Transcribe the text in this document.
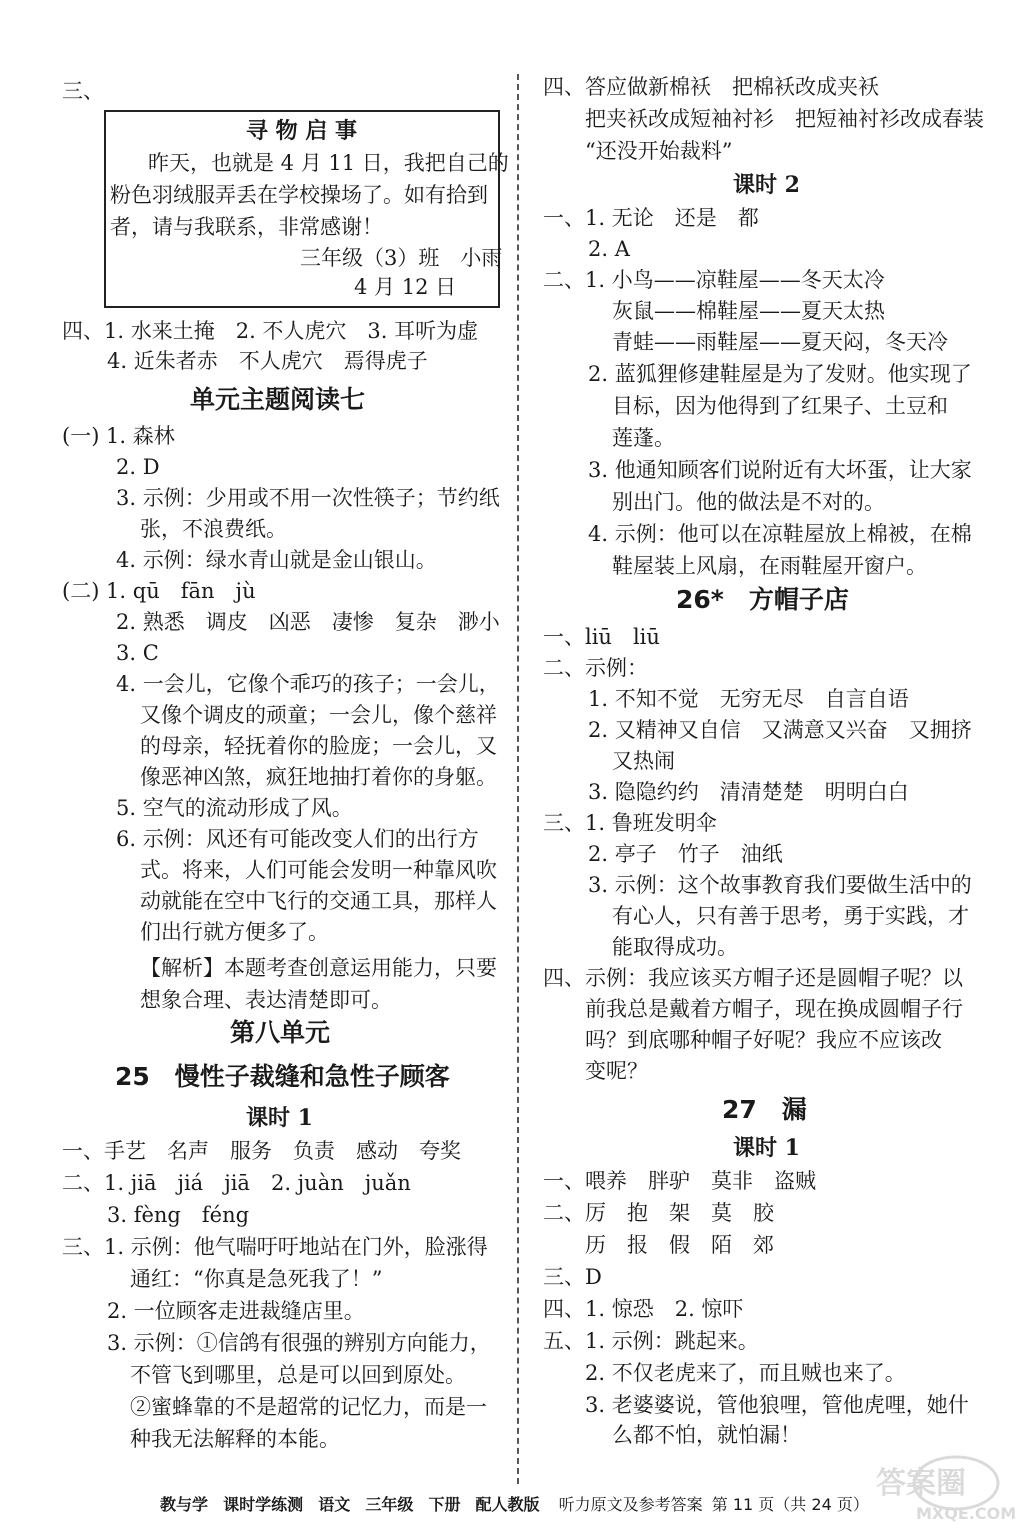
三、
寻 物 启 事
昨天，也就是 4 月 11 日，我把自己的
粉色羽绒服弄丢在学校操场了。如有拾到
者，请与我联系，非常感谢！
三年级（3）班　小雨
4 月 12 日
四、1. 水来土掩　2. 不人虎穴　3. 耳听为虚
4. 近朱者赤　不人虎穴　焉得虎子
单元主题阅读七
(一) 1. 森林
2. D
3. 示例：少用或不用一次性筷子；节约纸
张，不浪费纸。
4. 示例：绿水青山就是金山银山。
(二) 1. qū　fān　jù
2. 熟悉　调皮　凶恶　凄惨　复杂　渺小
3. C
4. 一会儿，它像个乖巧的孩子；一会儿，
又像个调皮的顽童；一会儿，像个慈祥
的母亲，轻抚着你的脸庞；一会儿，又
像恶神凶煞，疯狂地抽打着你的身躯。
5. 空气的流动形成了风。
6. 示例：风还有可能改变人们的出行方
式。将来，人们可能会发明一种靠风吹
动就能在空中飞行的交通工具，那样人
们出行就方便多了。
【解析】本题考查创意运用能力，只要
想象合理、表达清楚即可。
第八单元
25　慢性子裁缝和急性子顾客
课时 1
一、手艺　名声　服务　负责　感动　夸奖
二、1. jiā　jiá　jiā　2. juàn　juǎn
3. fèng　féng
三、1. 示例：他气喘吁吁地站在门外，脸涨得
通红：“你真是急死我了！”
2. 一位顾客走进裁缝店里。
3. 示例：①信鸽有很强的辨别方向能力，
不管飞到哪里，总是可以回到原处。
②蜜蜂靠的不是超常的记忆力，而是一
种我无法解释的本能。
四、答应做新棉袄　把棉袄改成夹袄
把夹袄改成短袖衬衫　把短袖衬衫改成春装
“还没开始裁料”
课时 2
一、1. 无论　还是　都
2. A
二、1. 小鸟——凉鞋屋——冬天太冷
灰鼠——棉鞋屋——夏天太热
青蛙——雨鞋屋——夏天闷，冬天冷
2. 蓝狐狸修建鞋屋是为了发财。他实现了
目标，因为他得到了红果子、土豆和
莲蓬。
3. 他通知顾客们说附近有大坏蛋，让大家
别出门。他的做法是不对的。
4. 示例：他可以在凉鞋屋放上棉被，在棉
鞋屋装上风扇，在雨鞋屋开窗户。
26*　方帽子店
一、liū　liū
二、示例：
1. 不知不觉　无穷无尽　自言自语
2. 又精神又自信　又满意又兴奋　又拥挤
又热闹
3. 隐隐约约　清清楚楚　明明白白
三、1. 鲁班发明伞
2. 亭子　竹子　油纸
3. 示例：这个故事教育我们要做生活中的
有心人，只有善于思考，勇于实践，才
能取得成功。
四、示例：我应该买方帽子还是圆帽子呢？以
前我总是戴着方帽子，现在换成圆帽子行
吗？到底哪种帽子好呢？我应不应该改
变呢？
27　漏
课时 1
一、喂养　胖驴　莫非　盗贼
二、厉　抱　架　莫　胶
历　报　假　陌　郊
三、D
四、1. 惊恐　2. 惊吓
五、1. 示例：跳起来。
2. 不仅老虎来了，而且贼也来了。
3. 老婆婆说，管他狼哩，管他虎哩，她什
么都不怕，就怕漏！
教与学 课时学练测 语文 三年级 下册 配人教版 听力原文及参考答案 第 11 页（共 24 页）
答案圈
MXQE.COM
